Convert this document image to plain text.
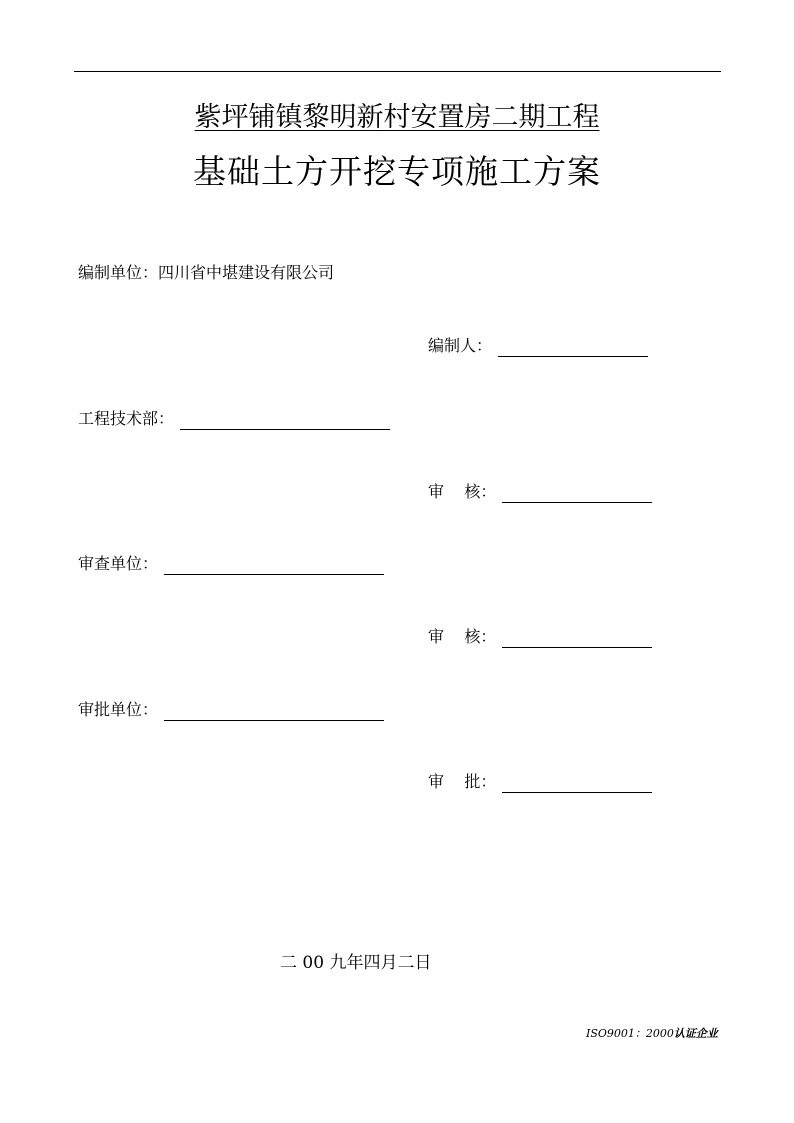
紫坪铺镇黎明新村安置房二期工程
基础土方开挖专项施工方案
编制单位：四川省中堪建设有限公司
编制人：
工程技术部：
审    核：
审查单位：
审    核：
审批单位：
审    批：
二 00 九年四月二日
ISO9001：2000认证企业
